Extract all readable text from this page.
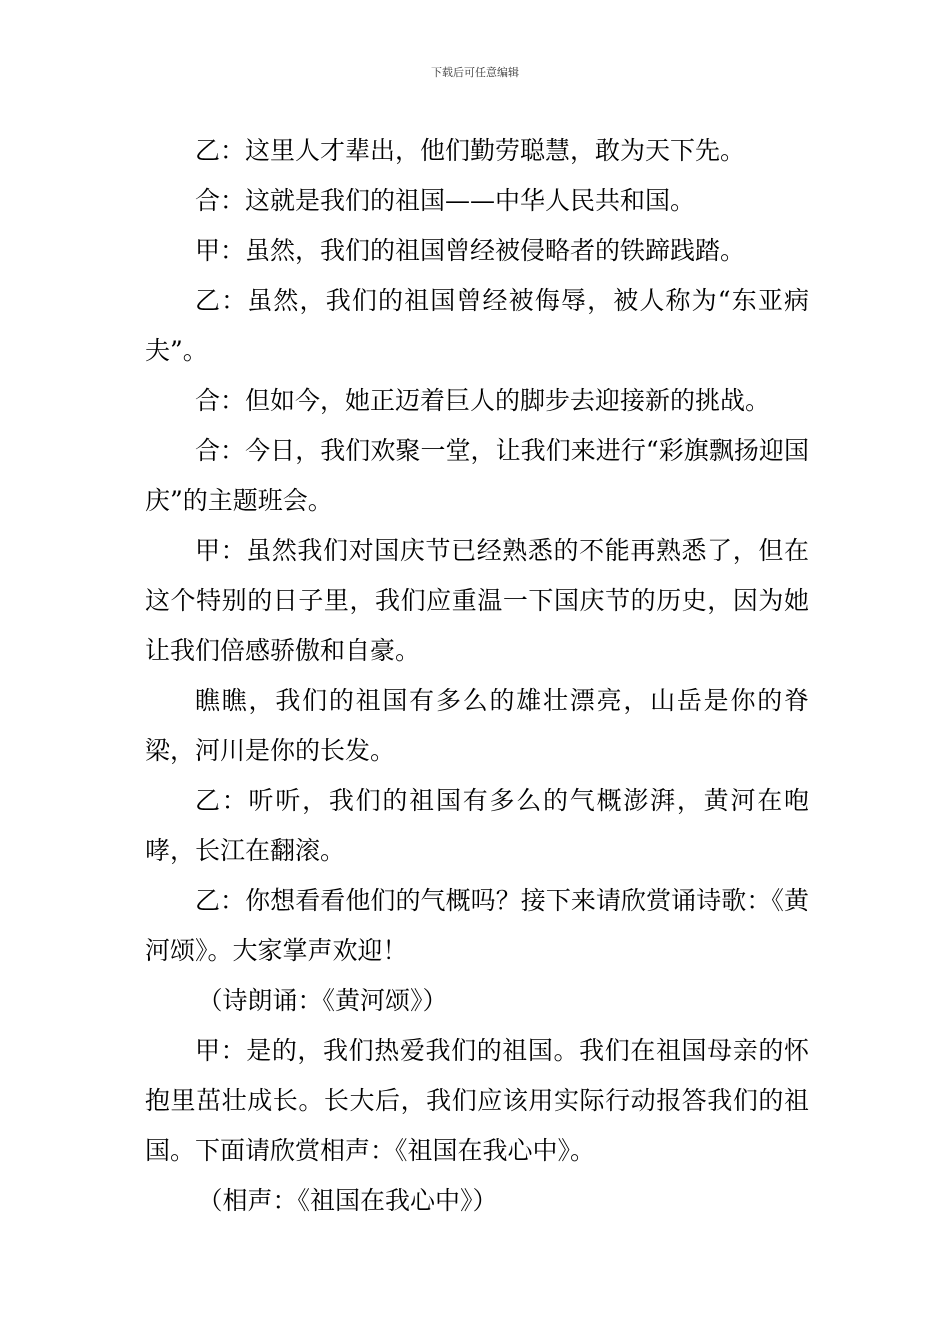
下载后可任意编辑

乙：这里人才辈出，他们勤劳聪慧，敢为天下先。

合：这就是我们的祖国——中华人民共和国。

甲：虽然，我们的祖国曾经被侵略者的铁蹄践踏。

乙：虽然，我们的祖国曾经被侮辱，被人称为“东亚病夫”。

合：但如今，她正迈着巨人的脚步去迎接新的挑战。

合：今日，我们欢聚一堂，让我们来进行“彩旗飘扬迎国庆”的主题班会。

甲：虽然我们对国庆节已经熟悉的不能再熟悉了，但在这个特别的日子里，我们应重温一下国庆节的历史，因为她让我们倍感骄傲和自豪。

瞧瞧，我们的祖国有多么的雄壮漂亮，山岳是你的脊梁，河川是你的长发。

乙：听听，我们的祖国有多么的气概澎湃，黄河在咆哮，长江在翻滚。

乙：你想看看他们的气概吗？接下来请欣赏诵诗歌：《黄河颂》。大家掌声欢迎！

（诗朗诵：《黄河颂》）

甲：是的，我们热爱我们的祖国。我们在祖国母亲的怀抱里茁壮成长。长大后，我们应该用实际行动报答我们的祖国。下面请欣赏相声：《祖国在我心中》。

（相声：《祖国在我心中》）
